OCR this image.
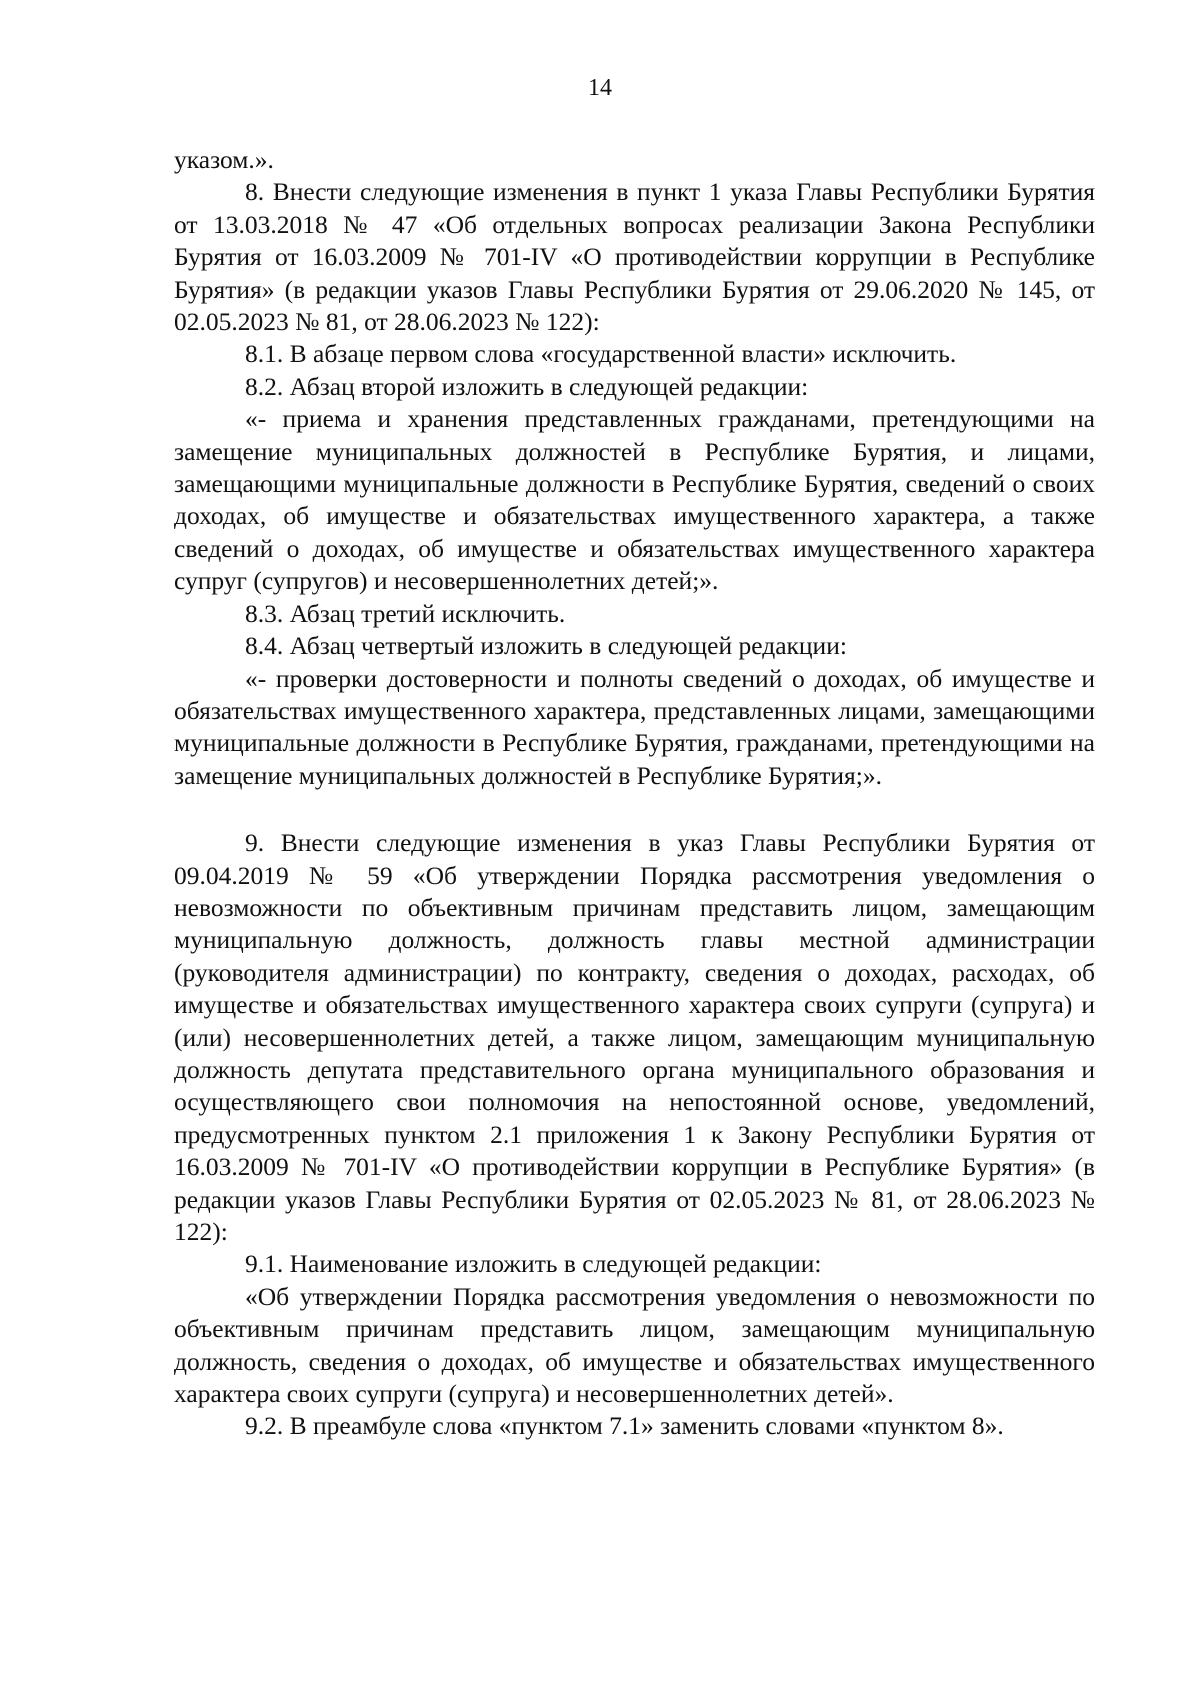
14

указом.».

8. Внести следующие изменения в пункт 1 указа Главы Республики Бурятия от 13.03.2018 № 47 «Об отдельных вопросах реализации Закона Республики Бурятия от 16.03.2009 № 701-IV «О противодействии коррупции в Республике Бурятия» (в редакции указов Главы Республики Бурятия от 29.06.2020 № 145, от 02.05.2023 № 81, от 28.06.2023 № 122):

8.1. В абзаце первом слова «государственной власти» исключить.

8.2. Абзац второй изложить в следующей редакции:

«- приема и хранения представленных гражданами, претендующими на замещение муниципальных должностей в Республике Бурятия, и лицами, замещающими муниципальные должности в Республике Бурятия, сведений о своих доходах, об имуществе и обязательствах имущественного характера, а также сведений о доходах, об имуществе и обязательствах имущественного характера супруг (супругов) и несовершеннолетних детей;».

8.3. Абзац третий исключить.

8.4. Абзац четвертый изложить в следующей редакции:

«- проверки достоверности и полноты сведений о доходах, об имуществе и обязательствах имущественного характера, представленных лицами, замещающими муниципальные должности в Республике Бурятия, гражданами, претендующими на замещение муниципальных должностей в Республике Бурятия;».

9. Внести следующие изменения в указ Главы Республики Бурятия от 09.04.2019 № 59 «Об утверждении Порядка рассмотрения уведомления о невозможности по объективным причинам представить лицом, замещающим муниципальную должность, должность главы местной администрации (руководителя администрации) по контракту, сведения о доходах, расходах, об имуществе и обязательствах имущественного характера своих супруги (супруга) и (или) несовершеннолетних детей, а также лицом, замещающим муниципальную должность депутата представительного органа муниципального образования и осуществляющего свои полномочия на непостоянной основе, уведомлений, предусмотренных пунктом 2.1 приложения 1 к Закону Республики Бурятия от 16.03.2009 № 701-IV «О противодействии коррупции в Республике Бурятия» (в редакции указов Главы Республики Бурятия от 02.05.2023 № 81, от 28.06.2023 № 122):

9.1. Наименование изложить в следующей редакции:

«Об утверждении Порядка рассмотрения уведомления о невозможности по объективным причинам представить лицом, замещающим муниципальную должность, сведения о доходах, об имуществе и обязательствах имущественного характера своих супруги (супруга) и несовершеннолетних детей».

9.2. В преамбуле слова «пунктом 7.1» заменить словами «пунктом 8».
